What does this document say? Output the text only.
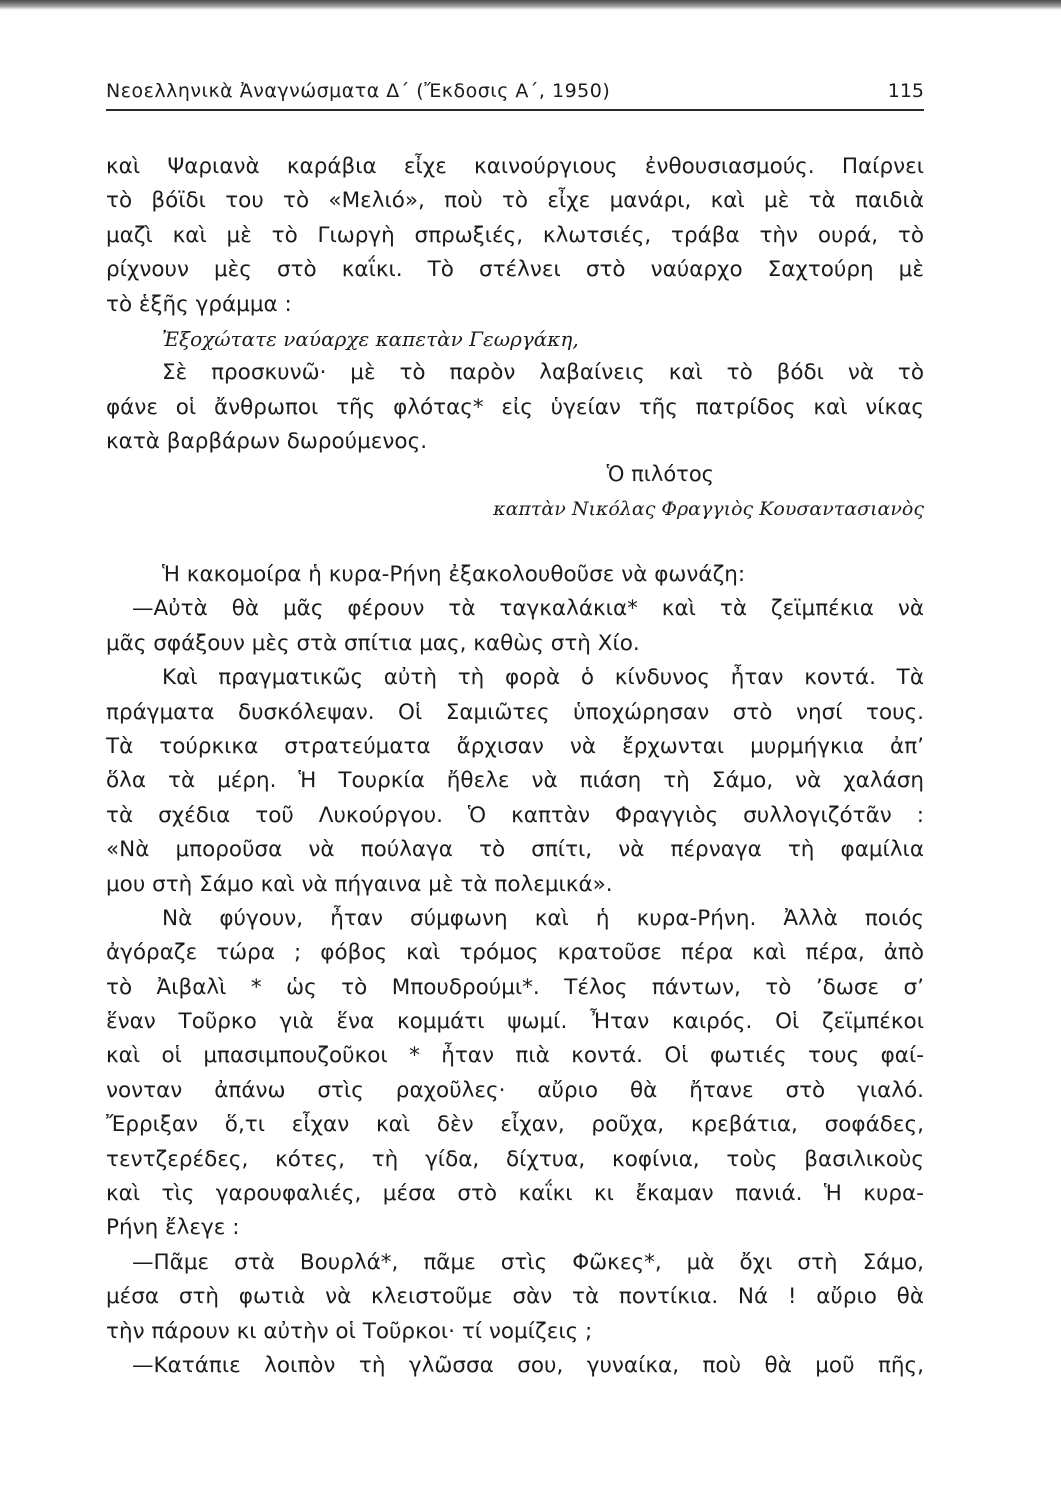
Νεοελληνικὰ Ἀναγνώσματα Δ΄ (Ἔκδοσις Α΄, 1950)	115
καὶ Ψαριανὰ καράβια εἶχε καινούργιους ἐνθουσιασμούς. Παίρνει
τὸ βόϊδι του τὸ «Μελιό», ποὺ τὸ εἶχε μανάρι, καὶ μὲ τὰ παιδιὰ
μαζὶ καὶ μὲ τὸ Γιωργὴ σπρωξιές, κλωτσιές, τράβα τὴν ουρά, τὸ
ρίχνουν μὲς στὸ καΐκι. Τὸ στέλνει στὸ ναύαρχο Σαχτούρη μὲ
τὸ ἑξῆς γράμμα :
Ἐξοχώτατε ναύαρχε καπετὰν Γεωργάκη,
Σὲ προσκυνῶ· μὲ τὸ παρὸν λαβαίνεις καὶ τὸ βόδι νὰ τὸ
φάνε οἱ ἄνθρωποι τῆς φλότας* εἰς ὑγείαν τῆς πατρίδος καὶ νίκας
κατὰ βαρβάρων δωρούμενος.
Ὁ πιλότος
καπτὰν Νικόλας Φραγγιὸς Κουσαντασιανὸς
Ἡ κακομοίρα ἡ κυρα-Ρήνη ἐξακολουθοῦσε νὰ φωνάζη:
—Αὐτὰ θὰ μᾶς φέρουν τὰ ταγκαλάκια* καὶ τὰ ζεϊμπέκια νὰ
μᾶς σφάξουν μὲς στὰ σπίτια μας, καθὼς στὴ Χίο.
Καὶ πραγματικῶς αὐτὴ τὴ φορὰ ὁ κίνδυνος ἦταν κοντά. Τὰ
πράγματα δυσκόλεψαν. Οἱ Σαμιῶτες ὑποχώρησαν στὸ νησί τους.
Τὰ τούρκικα στρατεύματα ἄρχισαν νὰ ἔρχωνται μυρμήγκια ἀπ’
ὅλα τὰ μέρη. Ἡ Τουρκία ἤθελε νὰ πιάση τὴ Σάμο, νὰ χαλάση
τὰ σχέδια τοῦ Λυκούργου. Ὁ καπτὰν Φραγγιὸς συλλογιζότα̃ν :
«Νὰ μποροῦσα νὰ πούλαγα τὸ σπίτι, νὰ πέρναγα τὴ φαμίλια
μου στὴ Σάμο καὶ νὰ πήγαινα μὲ τὰ πολεμικά».
Νὰ φύγουν, ἦταν σύμφωνη καὶ ἡ κυρα-Ρήνη. Ἀλλὰ ποιός
ἀγόραζε τώρα ; φόβος καὶ τρόμος κρατοῦσε πέρα καὶ πέρα, ἀπὸ
τὸ Ἀιβαλὶ * ὡς τὸ Μπουδρούμι*. Τέλος πάντων, τὸ ’δωσε σ’
ἕναν Τοῦρκο γιὰ ἕνα κομμάτι ψωμί. Ἦταν καιρός. Οἱ ζεϊμπέκοι
καὶ οἱ μπασιμπουζοῦκοι * ἦταν πιὰ κοντά. Οἱ φωτιές τους φαί-
νονταν ἀπάνω στὶς ραχοῦλες· αὔριο θὰ ἤτανε στὸ γιαλό.
Ἔρριξαν ὅ,τι εἶχαν καὶ δὲν εἶχαν, ροῦχα, κρεβάτια, σοφάδες,
τεντζερέδες, κότες, τὴ γίδα, δίχτυα, κοφίνια, τοὺς βασιλικοὺς
καὶ τὶς γαρουφαλιές, μέσα στὸ καΐκι κι ἔκαμαν πανιά. Ἡ κυρα-
Ρήνη ἔλεγε :
—Πᾶμε στὰ Βουρλά*, πᾶμε στὶς Φῶκες*, μὰ ὄχι στὴ Σάμο,
μέσα στὴ φωτιὰ νὰ κλειστοῦμε σὰν τὰ ποντίκια. Νά ! αὔριο θὰ
τὴν πάρουν κι αὐτὴν οἱ Τοῦρκοι· τί νομίζεις ;
—Κατάπιε λοιπὸν τὴ γλῶσσα σου, γυναίκα, ποὺ θὰ μοῦ πῆς,
